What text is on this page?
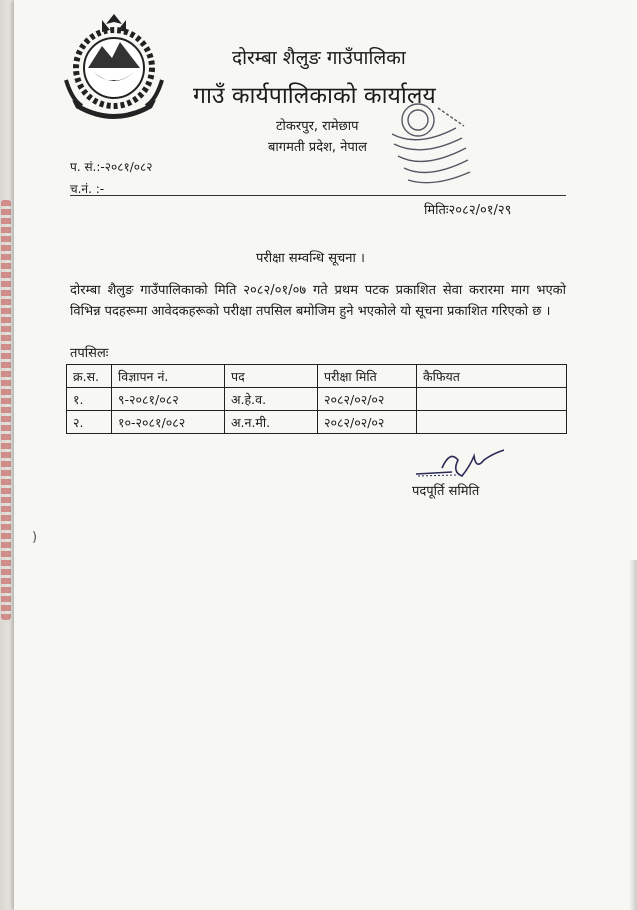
दोरम्बा शैलुङ गाउँपालिका
गाउँ कार्यपालिकाको कार्यालय
टोकरपुर, रामेछाप
बागमती प्रदेश, नेपाल
प. सं.:-२०८१/०८२
च.नं. :-
मितिः२०८२/०१/२९
परीक्षा सम्वन्धि सूचना ।
दोरम्बा शैलुङ गाउँपालिकाको मिति २०८२/०१/०७ गते प्रथम पटक प्रकाशित सेवा करारमा माग भएको विभिन्न पदहरूमा आवेदकहरूको परीक्षा तपसिल बमोजिम हुने भएकोले यो सूचना प्रकाशित गरिएको छ ।
तपसिलः
क्र.स.	विज्ञापन नं.	पद	परीक्षा मिति	कैफियत
१.	९-२०८१/०८२	अ.हे.व.	२०८२/०२/०२	
२.	१०-२०८१/०८२	अ.न.मी.	२०८२/०२/०२	
पदपूर्ति समिति
)
